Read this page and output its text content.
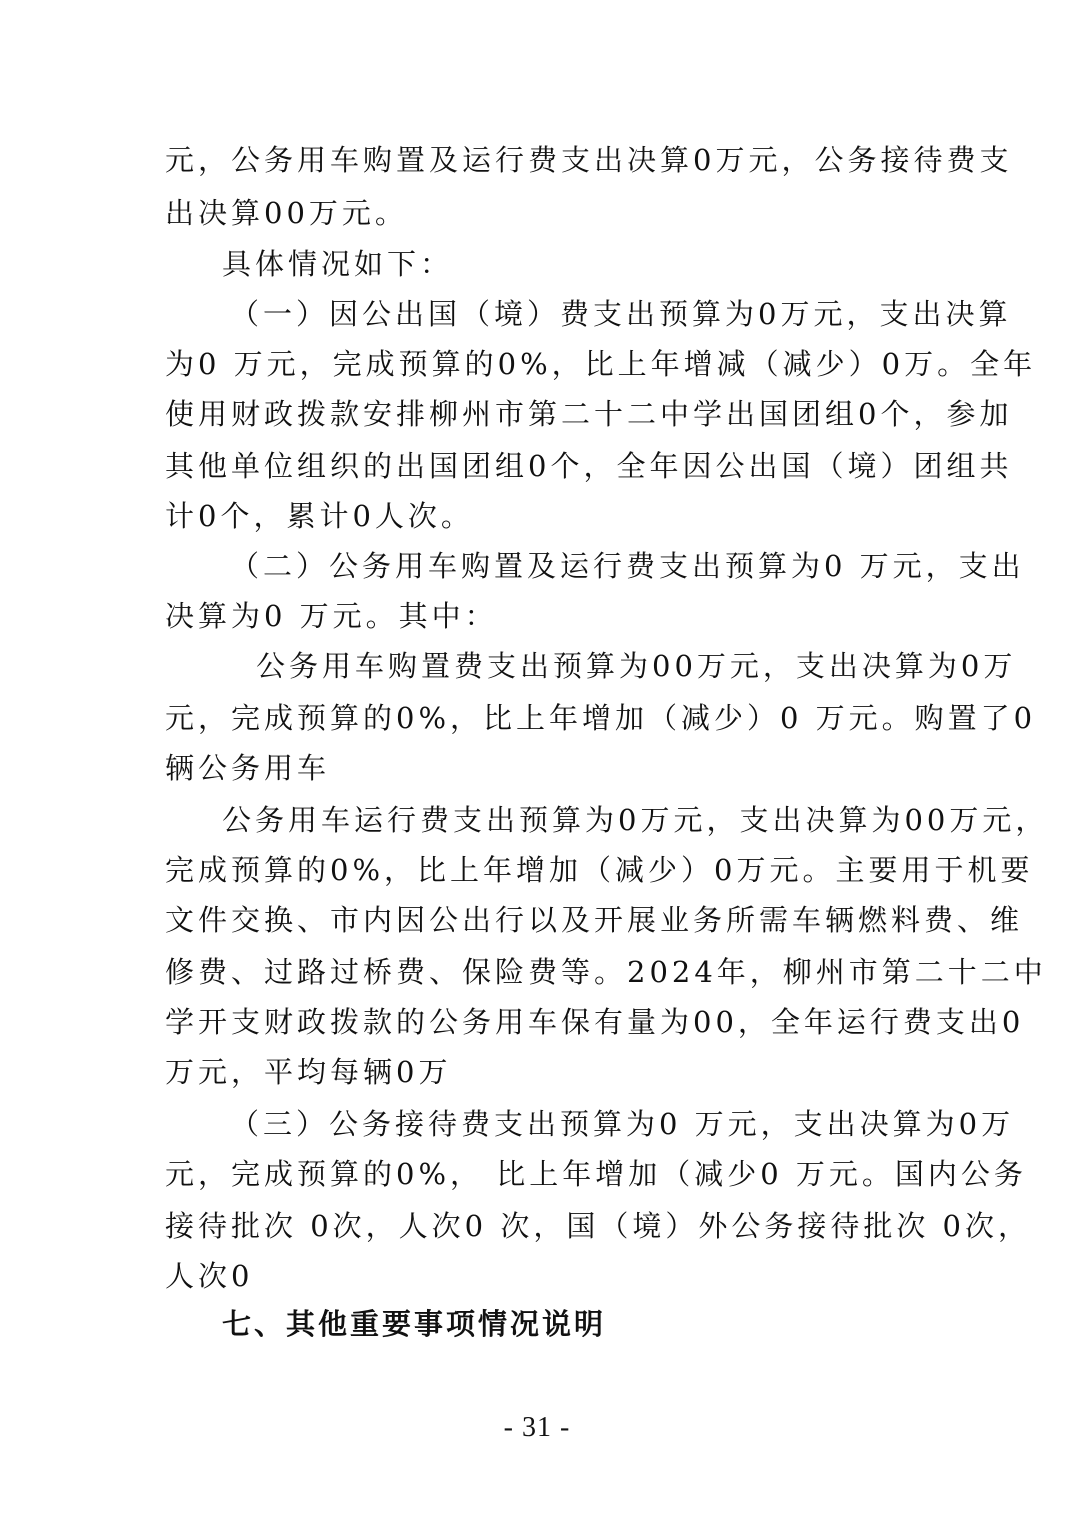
元，公务用车购置及运行费支出决算0万元，公务接待费支
出决算00万元。
具体情况如下：
（一）因公出国（境）费支出预算为0万元，支出决算
为0 万元，完成预算的0%，比上年增减（减少）0万。全年
使用财政拨款安排柳州市第二十二中学出国团组0个，参加
其他单位组织的出国团组0个，全年因公出国（境）团组共
计0个，累计0人次。
（二）公务用车购置及运行费支出预算为0 万元，支出
决算为0 万元。其中：
公务用车购置费支出预算为00万元，支出决算为0万
元，完成预算的0%，比上年增加（减少）0 万元。购置了0
辆公务用车
公务用车运行费支出预算为0万元，支出决算为00万元，
完成预算的0%，比上年增加（减少）0万元。主要用于机要
文件交换、市内因公出行以及开展业务所需车辆燃料费、维
修费、过路过桥费、保险费等。2024年，柳州市第二十二中
学开支财政拨款的公务用车保有量为00，全年运行费支出0
万元，平均每辆0万
（三）公务接待费支出预算为0 万元，支出决算为0万
元，完成预算的0%， 比上年增加（减少0 万元。国内公务
接待批次 0次，人次0 次，国（境）外公务接待批次 0次，
人次0
七、其他重要事项情况说明
- 31 -
